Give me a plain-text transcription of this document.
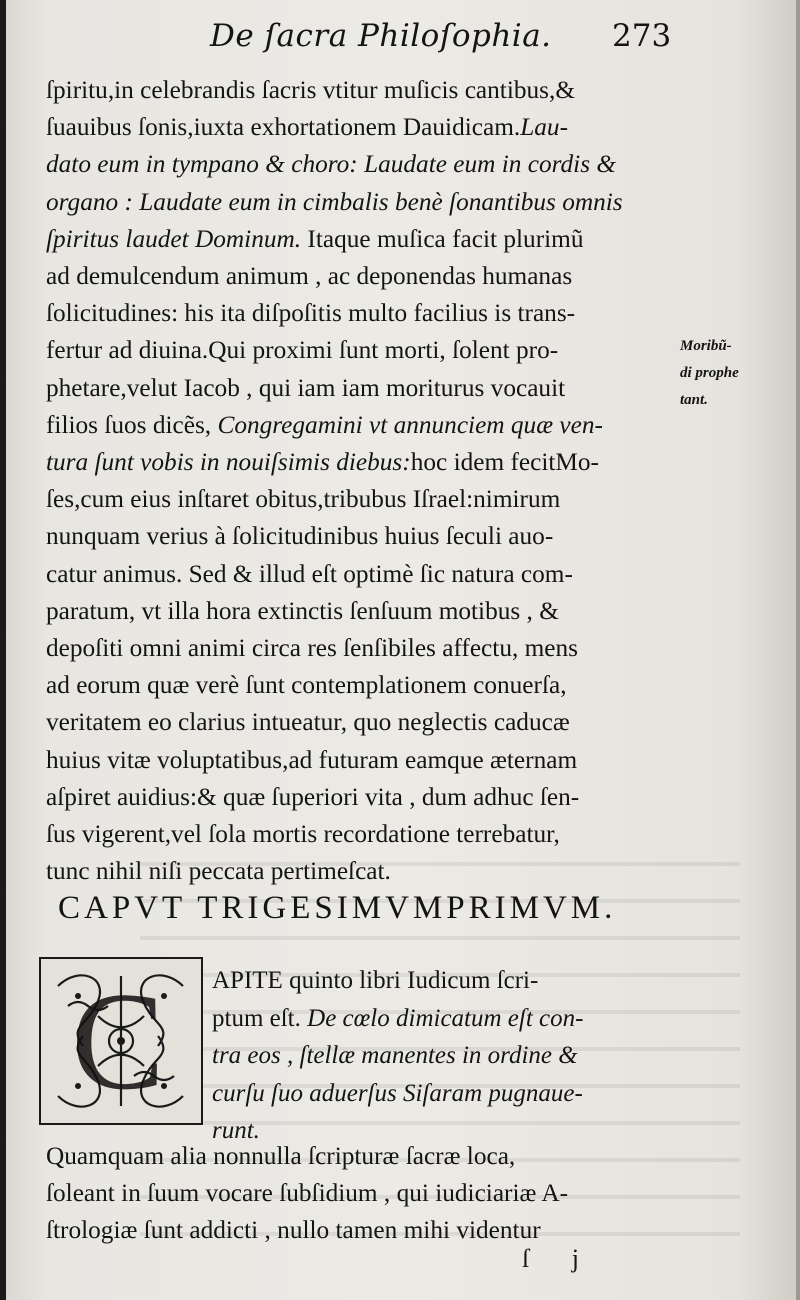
De ſacra Philoſophia. 273
ſpiritu,in celebrandis ſacris vtitur muſicis cantibus,&
ſuauibus ſonis,iuxta exhortationem Dauidicam.Lau-
dato eum in tympano & choro: Laudate eum in cordis &
organo : Laudate eum in cimbalis benè ſonantibus omnis
ſpiritus laudet Dominum. Itaque muſica facit plurimũ
ad demulcendum animum , ac deponendas humanas
ſolicitudines: his ita diſpoſitis multo facilius is trans-
fertur ad diuina.Qui proximi ſunt morti, ſolent pro-
phetare,velut Iacob , qui iam iam moriturus vocauit
filios ſuos dicẽs, Congregamini vt annunciem quæ ven-
tura ſunt vobis in nouiſsimis diebus:hoc idem fecitMo-
ſes,cum eius inſtaret obitus,tribubus Iſrael:nimirum
nunquam verius à ſolicitudinibus huius ſeculi auo-
catur animus. Sed & illud eſt optimè ſic natura com-
paratum, vt illa hora extinctis ſenſuum motibus , &
depoſiti omni animi circa res ſenſibiles affectu, mens
ad eorum quæ verè ſunt contemplationem conuerſa,
veritatem eo clarius intueatur, quo neglectis caducæ
huius vitæ voluptatibus,ad futuram eamque æternam
aſpiret auidius:& quæ ſuperiori vita , dum adhuc ſen-
ſus vigerent,vel ſola mortis recordatione terrebatur,
tunc nihil niſi peccata pertimeſcat.
Moribũ-
di prophe
tant.
CAPVT TRIGESIMVMPRIMVM.
C APITE quinto libri Iudicum ſcri-
ptum eſt. De cœlo dimicatum eſt con-
tra eos , ſtellæ manentes in ordine &
curſu ſuo aduerſus Siſaram pugnaue-
runt.
Quamquam alia nonnulla ſcripturæ ſacræ loca,
ſoleant in ſuum vocare ſubſidium , qui iudiciariæ A-
ſtrologiæ ſunt addicti , nullo tamen mihi videntur
ſ j
